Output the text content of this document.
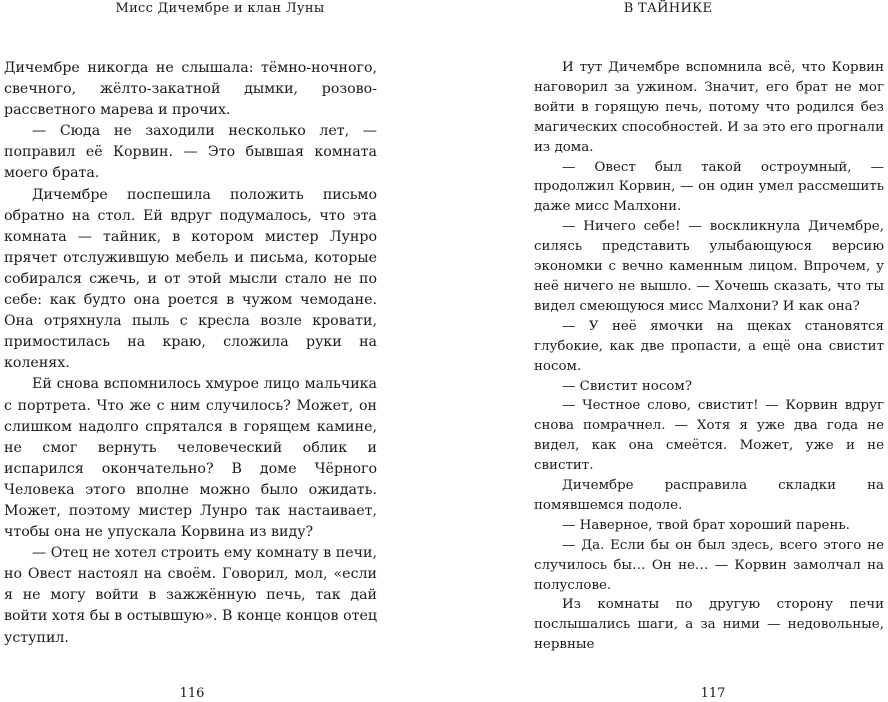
Мисс Дичембре и клан Луны

Дичембре никогда не слышала: тёмно-ночного, свечного, жёлто-закатной дымки, розово-рассветного марева и прочих.

— Сюда не заходили несколько лет, — поправил её Корвин. — Это бывшая комната моего брата.

Дичембре поспешила положить письмо обратно на стол. Ей вдруг подумалось, что эта комната — тайник, в котором мистер Лунро прячет отслужившую мебель и письма, которые собирался сжечь, и от этой мысли стало не по себе: как будто она роется в чужом чемодане. Она отряхнула пыль с кресла возле кровати, примостилась на краю, сложила руки на коленях.

Ей снова вспомнилось хмурое лицо мальчика с портрета. Что же с ним случилось? Может, он слишком надолго спрятался в горящем камине, не смог вернуть человеческий облик и испарился окончательно? В доме Чёрного Человека этого вполне можно было ожидать. Может, поэтому мистер Лунро так настаивает, чтобы она не упускала Корвина из виду?

— Отец не хотел строить ему комнату в печи, но Овест настоял на своём. Говорил, мол, «если я не могу войти в зажжённую печь, так дай войти хотя бы в остывшую». В конце концов отец уступил.

116
В ТАЙНИКЕ

И тут Дичембре вспомнила всё, что Корвин наговорил за ужином. Значит, его брат не мог войти в горящую печь, потому что родился без магических способностей. И за это его прогнали из дома.

— Овест был такой остроумный, — продолжил Корвин, — он один умел рассмешить даже мисс Малхони.

— Ничего себе! — воскликнула Дичембре, силясь представить улыбающуюся версию экономки с вечно каменным лицом. Впрочем, у неё ничего не вышло. — Хочешь сказать, что ты видел смеющуюся мисс Малхони? И как она?

— У неё ямочки на щеках становятся глубокие, как две пропасти, а ещё она свистит носом.

— Свистит носом?

— Честное слово, свистит! — Корвин вдруг снова помрачнел. — Хотя я уже два года не видел, как она смеётся. Может, уже и не свистит.

Дичембре расправила складки на помявшемся подоле.

— Наверное, твой брат хороший парень.

— Да. Если бы он был здесь, всего этого не случилось бы… Он не… — Корвин замолчал на полуслове.

Из комнаты по другую сторону печи послышались шаги, а за ними — недовольные, нервные

117
